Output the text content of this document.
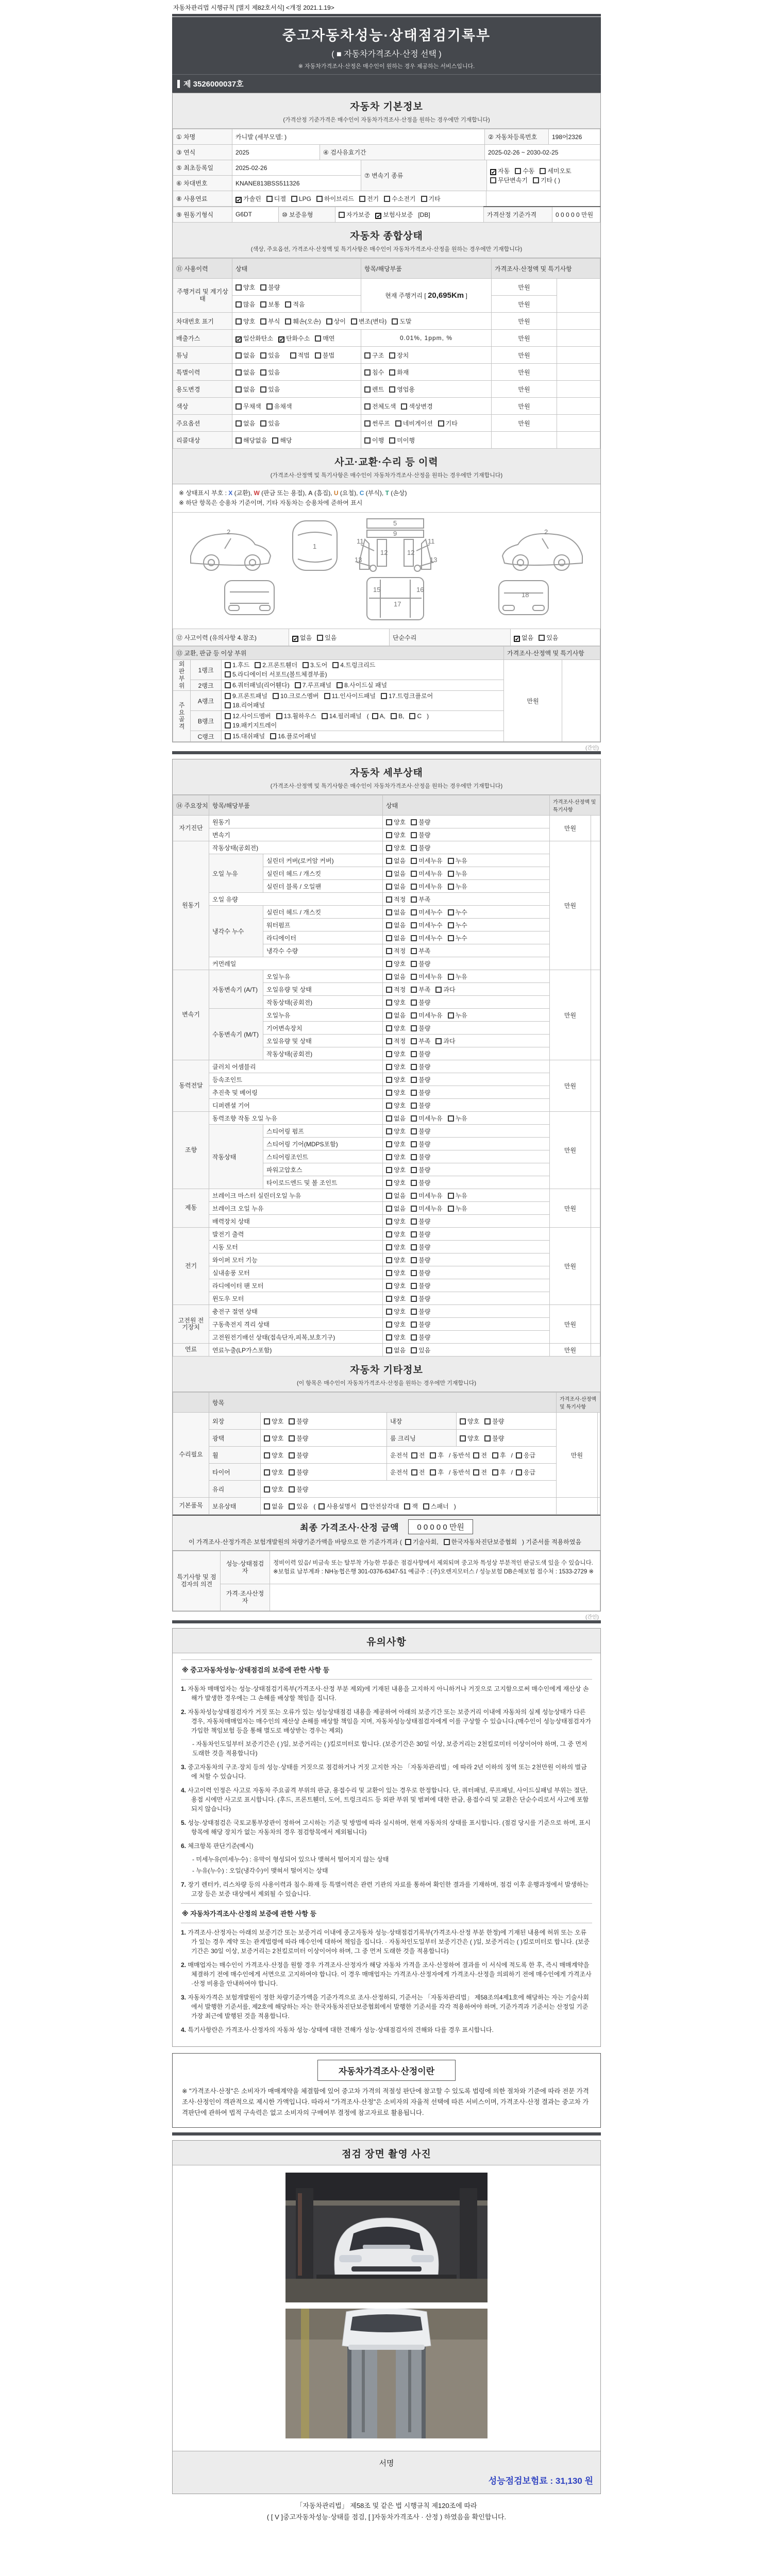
자동차관리법 시행규칙 [별지 제82호서식] <개정 2021.1.19>
중고자동차성능·상태점검기록부
( ■ 자동차가격조사·산정 선택 )
※ 자동차가격조사·산정은 매수인이 원하는 경우 제공하는 서비스입니다.
제 3526000037호
자동차 기본정보
(가격산정 기준가격은 매수인이 자동차가격조사·산정을 원하는 경우에만 기재합니다)
① 차명	카니발 (세부모델: )	② 자동차등록번호	198어2326
③ 연식	2025	④ 검사유효기간	2025-02-26 ~ 2030-02-25
⑤ 최초등록일	2025-02-26	⑦ 변속기 종류	✔ 자동 수동 세미오토
무단변속기 기타 ( )
⑥ 차대번호	KNANE813BSS511326		
⑧ 사용연료	✔ 가솔린 디젤 LPG 하이브리드 전기 수소전기 기타	
⑨ 원동기형식	G6DT	⑩ 보증유형	자가보증 ✔ 보험사보증 [DB]	가격산정 기준가격	0 0 0 0 0 만원
자동차 종합상태
(색상, 주요옵션, 가격조사·산정액 및 특기사항은 매수인이 자동차가격조사·산정을 원하는 경우에만 기재합니다)
⑪ 사용이력	상태	항목/해당부품	가격조사·산정액 및 특기사항	
주행거리 및 계기상태	양호 불량	현재 주행거리 [ 20,695Km ]	만원	
	많음 보통 적음		만원	
차대번호 표기	양호 부식 훼손(오손) 상이 변조(변타) 도말		만원	
배출가스	✔ 일산화탄소 ✔ 탄화수소 매연	0.01%, 1ppm, %	만원	
튜닝	없음 있음 적법 불법	구조 장치	만원	
특별이력	없음 있음	침수 화재	만원	
용도변경	없음 있음	렌트 영업용	만원	
색상	무채색 유채색	전체도색 색상변경	만원	
주요옵션	없음 있음	썬루프 네비게이션 기타	만원	
리콜대상	해당없음 해당	이행 미이행		
사고·교환·수리 등 이력
(가격조사·산정액 및 특기사항은 매수인이 자동차가격조사·산정을 원하는 경우에만 기재합니다)
※ 상태표시 부호 : X (교환), W (판금 또는 용접), A (흠집), U (요철), C (부식), T (손상)
※ 하단 항목은 승용차 기준이며, 기타 자동차는 승용차에 준하여 표시
2
1
5
9
11	11
12	12
13	13
2
15	16
17
18
⑫ 사고이력 (유의사항 4.참조)	✔ 없음 있음	단순수리	✔ 없음 있음
⑬ 교환, 판금 등 이상 부위			가격조사·산정액 및 특기사항	
외
판
부
위	1랭크	1.후드 2.프론트휀더 3.도어 4.트렁크리드
5.라디에이터 서포트(볼트체결부품)	만원	
	2랭크	6.쿼터패널(리어휀다) 7.루프패널 8.사이드실 패널		
주
요
골
격	A랭크	9.프론트패널 10.크로스멤버 11.인사이드패널 17.트렁크플로어
18.리어패널		
	B랭크	12.사이드멤버 13.휠하우스 14.필러패널 ( A, B, C )
19.패키지트레이		
	C랭크	15.대쉬패널 16.플로어패널		
(간인)
자동차 세부상태
(가격조사·산정액 및 특기사항은 매수인이 자동차가격조사·산정을 원하는 경우에만 기재합니다)
⑭ 주요장치	항목/해당부품		상태	가격조사·산정액 및 특기사항	
자기진단	원동기		양호 불량	만원	
	변속기		양호 불량		
원동기	작동상태(공회전)		양호 불량	만원	
	오일 누유	실린더 커버(로커암 커버)	없음 미세누유 누유		
		실린더 헤드 / 개스킷	없음 미세누유 누유		
		실린더 블록 / 오일팬	없음 미세누유 누유		
	오일 유량		적정 부족		
	냉각수 누수	실린더 헤드 / 개스킷	없음 미세누수 누수		
		워터펌프	없음 미세누수 누수		
		라디에이터	없음 미세누수 누수		
		냉각수 수량	적정 부족		
	커먼레일		양호 불량		
변속기	자동변속기 (A/T)	오일누유	없음 미세누유 누유	만원	
		오일유량 및 상태	적정 부족 과다		
		작동상태(공회전)	양호 불량		
	수동변속기 (M/T)	오일누유	없음 미세누유 누유		
		기어변속장치	양호 불량		
		오일유량 및 상태	적정 부족 과다		
		작동상태(공회전)	양호 불량		
동력전달	클러치 어셈블리		양호 불량	만원	
	등속조인트		양호 불량		
	추진축 및 베어링		양호 불량		
	디퍼렌셜 기어		양호 불량		
조향	동력조향 작동 오일 누유		없음 미세누유 누유	만원	
	작동상태	스티어링 펌프	양호 불량		
		스티어링 기어(MDPS포함)	양호 불량		
		스티어링조인트	양호 불량		
		파워고압호스	양호 불량		
		타이로드엔드 및 볼 조인트	양호 불량		
제동	브레이크 마스터 실린더오일 누유		없음 미세누유 누유	만원	
	브레이크 오일 누유		없음 미세누유 누유		
	배력장치 상태		양호 불량		
전기	발전기 출력		양호 불량	만원	
	시동 모터		양호 불량		
	와이퍼 모터 기능		양호 불량		
	실내송풍 모터		양호 불량		
	라디에이터 팬 모터		양호 불량		
	윈도우 모터		양호 불량		
고전원 전기장치	충전구 절연 상태		양호 불량	만원	
	구동축전지 격리 상태		양호 불량		
	고전원전기배선 상태(접속단자,피복,보호기구)		양호 불량		
연료	연료누출(LP가스포함)		없음 있음	만원	
자동차 기타정보
(이 항목은 매수인이 자동차가격조사·산정을 원하는 경우에만 기재합니다)
	항목				가격조사·산정액 및 특기사항	
수리필요	외장	양호 불량	내장	양호 불량	만원	
	광택	양호 불량	룸 크리닝	양호 불량		
	휠	양호 불량	운전석 전 후 / 동반석 전 후 / 응급			
	타이어	양호 불량	운전석 전 후 / 동반석 전 후 / 응급			
	유리	양호 불량				
기본품목	보유상태	없음 있음 ( 사용설명서 안전삼각대 잭 스패너 )				
최종 가격조사·산정 금액	0 0 0 0 0 만원
이 가격조사·산정가격은 보험개발원의 차량기준가액을 바탕으로 한 기준가격과 ( 기술사회, 한국자동차진단보증협회 ) 기준서를 적용하였음
특기사항 및 점검자의 의견	성능·상태점검자	정비이력 있음/ 비금속 또는 탈부착 가능한 부품은 점검사항에서 제외되며 중고차 특성상 부분적인 판금도색 있을 수 있습니다. ※보험료 납부계좌 : NH농협은행 301-0376-6347-51 예금주 : (주)오렌지모터스 / 성능보험 DB손해보험 접수처 : 1533-2729 ※
	가격·조사산정자	
(간인)
유의사항
※ 중고자동차성능·상태점검의 보증에 관한 사항 등
1. 자동차 매매업자는 성능·상태점검기록부(가격조사·산정 부분 제외)에 기재된 내용을 고지하지 아니하거나 거짓으로 고지함으로써 매수인에게 재산상 손해가 발생한 경우에는 그 손해를 배상할 책임을 집니다.
2. 자동차성능상태점검자가 거짓 또는 오류가 있는 성능상태점검 내용을 제공하여 아래의 보증기간 또는 보증거리 이내에 자동차의 실제 성능상태가 다른 경우, 자동차매매업자는 매수인의 재산상 손해를 배상할 책임을 지며, 자동차성능상태점검자에게 이를 구상할 수 있습니다.(매수인이 성능상태점검자가 가입한 책임보험 등을 통해 별도로 배상받는 경우는 제외)
- 자동차인도일부터 보증기간은 ( )일, 보증거리는 ( )킬로미터로 합니다. (보증기간은 30일 이상, 보증거리는 2천킬로미터 이상이어야 하며, 그 중 먼저 도래한 것을 적용합니다)
3. 중고자동차의 구조·장치 등의 성능·상태를 거짓으로 점검하거나 거짓 고지한 자는 「자동차관리법」에 따라 2년 이하의 징역 또는 2천만원 이하의 벌금에 처할 수 있습니다.
4. 사고이력 인정은 사고로 자동차 주요골격 부위의 판금, 용접수리 및 교환이 있는 경우로 한정합니다. 단, 쿼터패널, 루프패널, 사이드실패널 부위는 절단, 용접 시에만 사고로 표시합니다. (후드, 프론트휀더, 도어, 트렁크리드 등 외판 부위 및 범퍼에 대한 판금, 용접수리 및 교환은 단순수리로서 사고에 포함되지 않습니다)
5. 성능·상태점검은 국토교통부장관이 정하여 고시하는 기준 및 방법에 따라 실시하며, 현재 자동차의 상태를 표시합니다. (점검 당시를 기준으로 하며, 표시 항목에 해당 장치가 없는 자동차의 경우 점검항목에서 제외됩니다)
6. 체크항목 판단기준(예시)
- 미세누유(미세누수) : 유막이 형성되어 있으나 맺혀서 떨어지지 않는 상태
- 누유(누수) : 오일(냉각수)이 맺혀서 떨어지는 상태
7. 장기 렌터카, 리스차량 등의 사용이력과 침수·화재 등 특별이력은 관련 기관의 자료를 통하여 확인한 결과를 기재하며, 점검 이후 운행과정에서 발생하는 고장 등은 보증 대상에서 제외될 수 있습니다.
※ 자동차가격조사·산정의 보증에 관한 사항 등
1. 가격조사·산정자는 아래의 보증기간 또는 보증거리 이내에 중고자동차 성능·상태점검기록부(가격조사·산정 부분 한정)에 기재된 내용에 허위 또는 오류가 있는 경우 계약 또는 관계법령에 따라 매수인에 대하여 책임을 집니다. · 자동차인도일부터 보증기간은 ( )일, 보증거리는 ( )킬로미터로 합니다. (보증기간은 30일 이상, 보증거리는 2천킬로미터 이상이어야 하며, 그 중 먼저 도래한 것을 적용합니다)
2. 매매업자는 매수인이 가격조사·산정을 원할 경우 가격조사·산정자가 해당 자동차 가격을 조사·산정하여 결과를 이 서식에 적도록 한 후, 즉시 매매계약을 체결하기 전에 매수인에게 서면으로 고지하여야 합니다. 이 경우 매매업자는 가격조사·산정자에게 가격조사·산정을 의뢰하기 전에 매수인에게 가격조사·산정 비용을 안내하여야 합니다.
3. 자동차가격은 보험개발원이 정한 차량기준가액을 기준가격으로 조사·산정하되, 기준서는 「자동차관리법」 제58조의4제1호에 해당하는 자는 기술사회에서 발행한 기준서를, 제2호에 해당하는 자는 한국자동차진단보증협회에서 발행한 기준서를 각각 적용하여야 하며, 기준가격과 기준서는 산정일 기준 가장 최근에 발행된 것을 적용합니다.
4. 특기사항란은 가격조사·산정자의 자동차 성능·상태에 대한 견해가 성능·상태점검자의 견해와 다를 경우 표시합니다.
자동차가격조사·산정이란
※ "가격조사·산정"은 소비자가 매매계약을 체결함에 있어 중고차 가격의 적절성 판단에 참고할 수 있도록 법령에 의한 절차와 기준에 따라 전문 가격조사·산정인이 객관적으로 제시한 가액입니다. 따라서 "가격조사·산정"은 소비자의 자율적 선택에 따른 서비스이며, 가격조사·산정 결과는 중고차 가격판단에 관하여 법적 구속력은 없고 소비자의 구매여부 결정에 참고자료로 활용됩니다.
점검 장면 촬영 사진
서명
성능점검보험료 : 31,130 원
「자동차관리법」 제58조 및 같은 법 시행규칙 제120조에 따라
( [ V ]중고자동차성능·상태를 점검, [ ]자동차가격조사 · 산정 ) 하였음을 확인합니다.
